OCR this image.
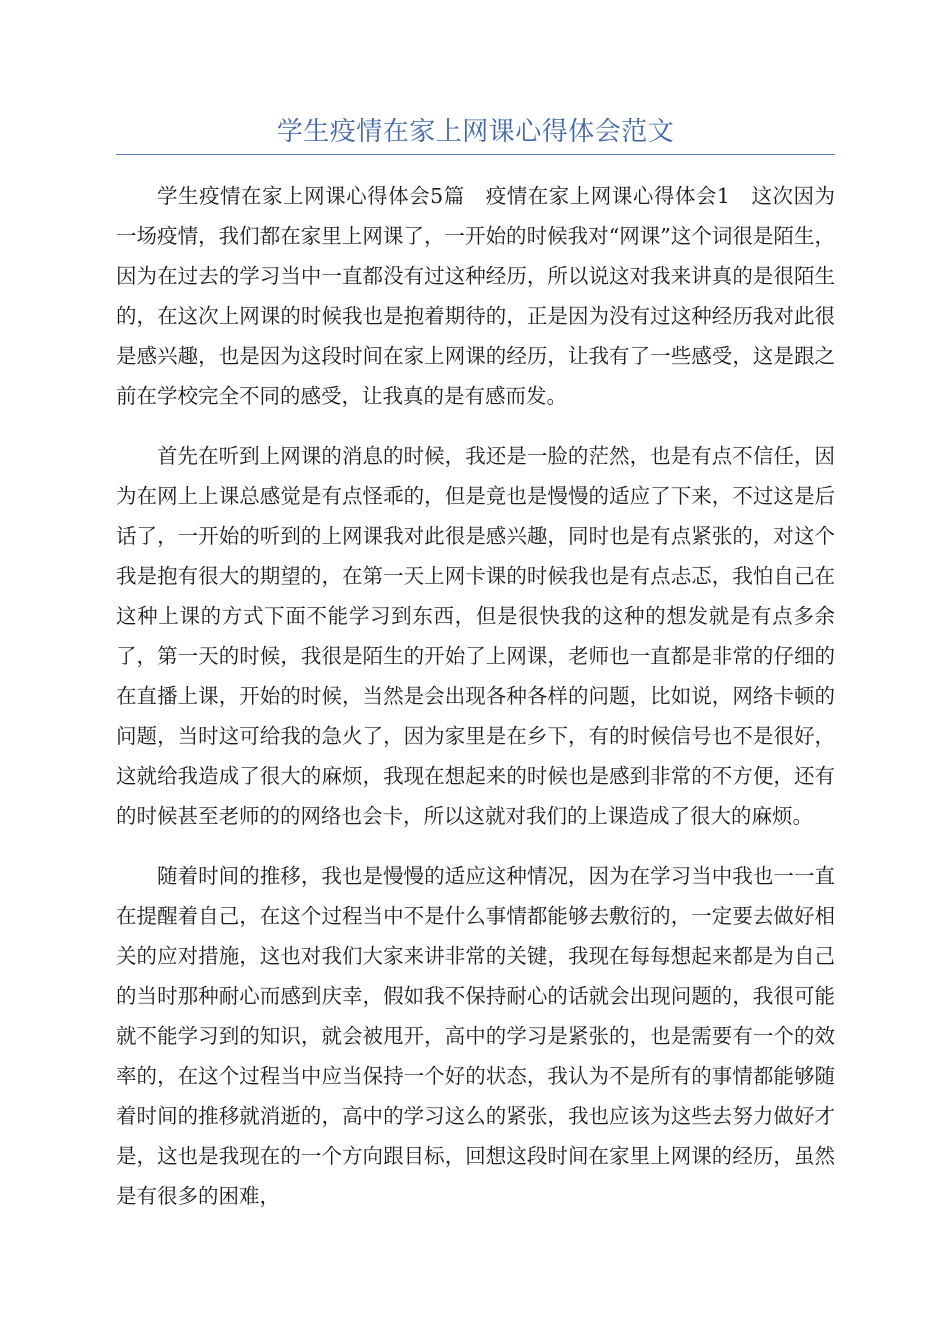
学生疫情在家上网课心得体会范文

学生疫情在家上网课心得体会5篇　疫情在家上网课心得体会1　这次因为一场疫情，我们都在家里上网课了，一开始的时候我对“网课”这个词很是陌生，因为在过去的学习当中一直都没有过这种经历，所以说这对我来讲真的是很陌生的，在这次上网课的时候我也是抱着期待的，正是因为没有过这种经历我对此很是感兴趣，也是因为这段时间在家上网课的经历，让我有了一些感受，这是跟之前在学校完全不同的感受，让我真的是有感而发。

首先在听到上网课的消息的时候，我还是一脸的茫然，也是有点不信任，因为在网上上课总感觉是有点怪乖的，但是竟也是慢慢的适应了下来，不过这是后话了，一开始的听到的上网课我对此很是感兴趣，同时也是有点紧张的，对这个我是抱有很大的期望的，在第一天上网卡课的时候我也是有点忐忑，我怕自己在这种上课的方式下面不能学习到东西，但是很快我的这种的想发就是有点多余了，第一天的时候，我很是陌生的开始了上网课，老师也一直都是非常的仔细的在直播上课，开始的时候，当然是会出现各种各样的问题，比如说，网络卡顿的问题，当时这可给我的急火了，因为家里是在乡下，有的时候信号也不是很好，这就给我造成了很大的麻烦，我现在想起来的时候也是感到非常的不方便，还有的时候甚至老师的的网络也会卡，所以这就对我们的上课造成了很大的麻烦。

随着时间的推移，我也是慢慢的适应这种情况，因为在学习当中我也一一直在提醒着自己，在这个过程当中不是什么事情都能够去敷衍的，一定要去做好相关的应对措施，这也对我们大家来讲非常的关键，我现在每每想起来都是为自己的当时那种耐心而感到庆幸，假如我不保持耐心的话就会出现问题的，我很可能就不能学习到的知识，就会被甩开，高中的学习是紧张的，也是需要有一个的效率的，在这个过程当中应当保持一个好的状态，我认为不是所有的事情都能够随着时间的推移就消逝的，高中的学习这么的紧张，我也应该为这些去努力做好才是，这也是我现在的一个方向跟目标，回想这段时间在家里上网课的经历，虽然是有很多的困难，
